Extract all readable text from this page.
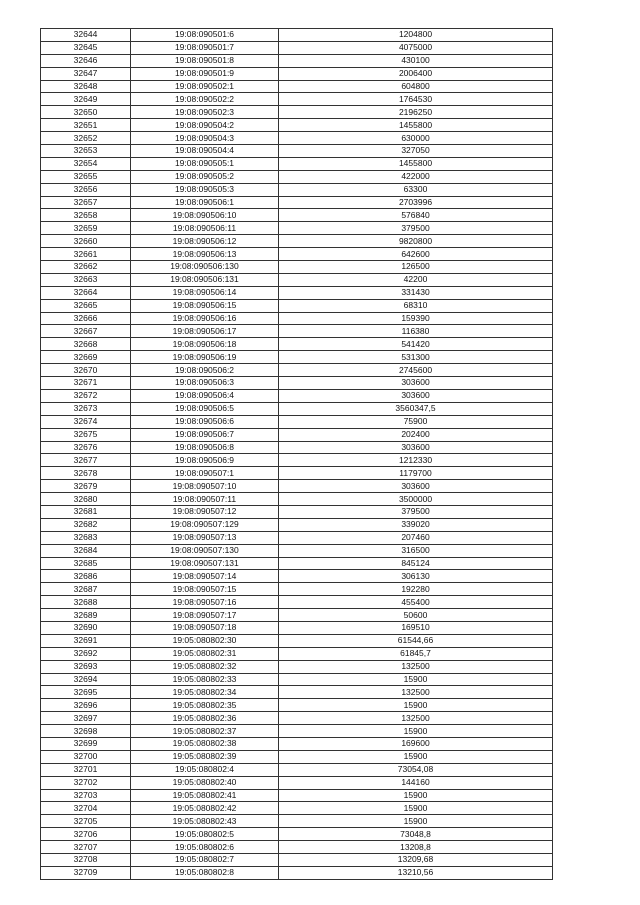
32644	19:08:090501:6	1204800
32645	19:08:090501:7	4075000
32646	19:08:090501:8	430100
32647	19:08:090501:9	2006400
32648	19:08:090502:1	604800
32649	19:08:090502:2	1764530
32650	19:08:090502:3	2196250
32651	19:08:090504:2	1455800
32652	19:08:090504:3	630000
32653	19:08:090504:4	327050
32654	19:08:090505:1	1455800
32655	19:08:090505:2	422000
32656	19:08:090505:3	63300
32657	19:08:090506:1	2703996
32658	19:08:090506:10	576840
32659	19:08:090506:11	379500
32660	19:08:090506:12	9820800
32661	19:08:090506:13	642600
32662	19:08:090506:130	126500
32663	19:08:090506:131	42200
32664	19:08:090506:14	331430
32665	19:08:090506:15	68310
32666	19:08:090506:16	159390
32667	19:08:090506:17	116380
32668	19:08:090506:18	541420
32669	19:08:090506:19	531300
32670	19:08:090506:2	2745600
32671	19:08:090506:3	303600
32672	19:08:090506:4	303600
32673	19:08:090506:5	3560347,5
32674	19:08:090506:6	75900
32675	19:08:090506:7	202400
32676	19:08:090506:8	303600
32677	19:08:090506:9	1212330
32678	19:08:090507:1	1179700
32679	19:08:090507:10	303600
32680	19:08:090507:11	3500000
32681	19:08:090507:12	379500
32682	19:08:090507:129	339020
32683	19:08:090507:13	207460
32684	19:08:090507:130	316500
32685	19:08:090507:131	845124
32686	19:08:090507:14	306130
32687	19:08:090507:15	192280
32688	19:08:090507:16	455400
32689	19:08:090507:17	50600
32690	19:08:090507:18	169510
32691	19:05:080802:30	61544,66
32692	19:05:080802:31	61845,7
32693	19:05:080802:32	132500
32694	19:05:080802:33	15900
32695	19:05:080802:34	132500
32696	19:05:080802:35	15900
32697	19:05:080802:36	132500
32698	19:05:080802:37	15900
32699	19:05:080802:38	169600
32700	19:05:080802:39	15900
32701	19:05:080802:4	73054,08
32702	19:05:080802:40	144160
32703	19:05:080802:41	15900
32704	19:05:080802:42	15900
32705	19:05:080802:43	15900
32706	19:05:080802:5	73048,8
32707	19:05:080802:6	13208,8
32708	19:05:080802:7	13209,68
32709	19:05:080802:8	13210,56
